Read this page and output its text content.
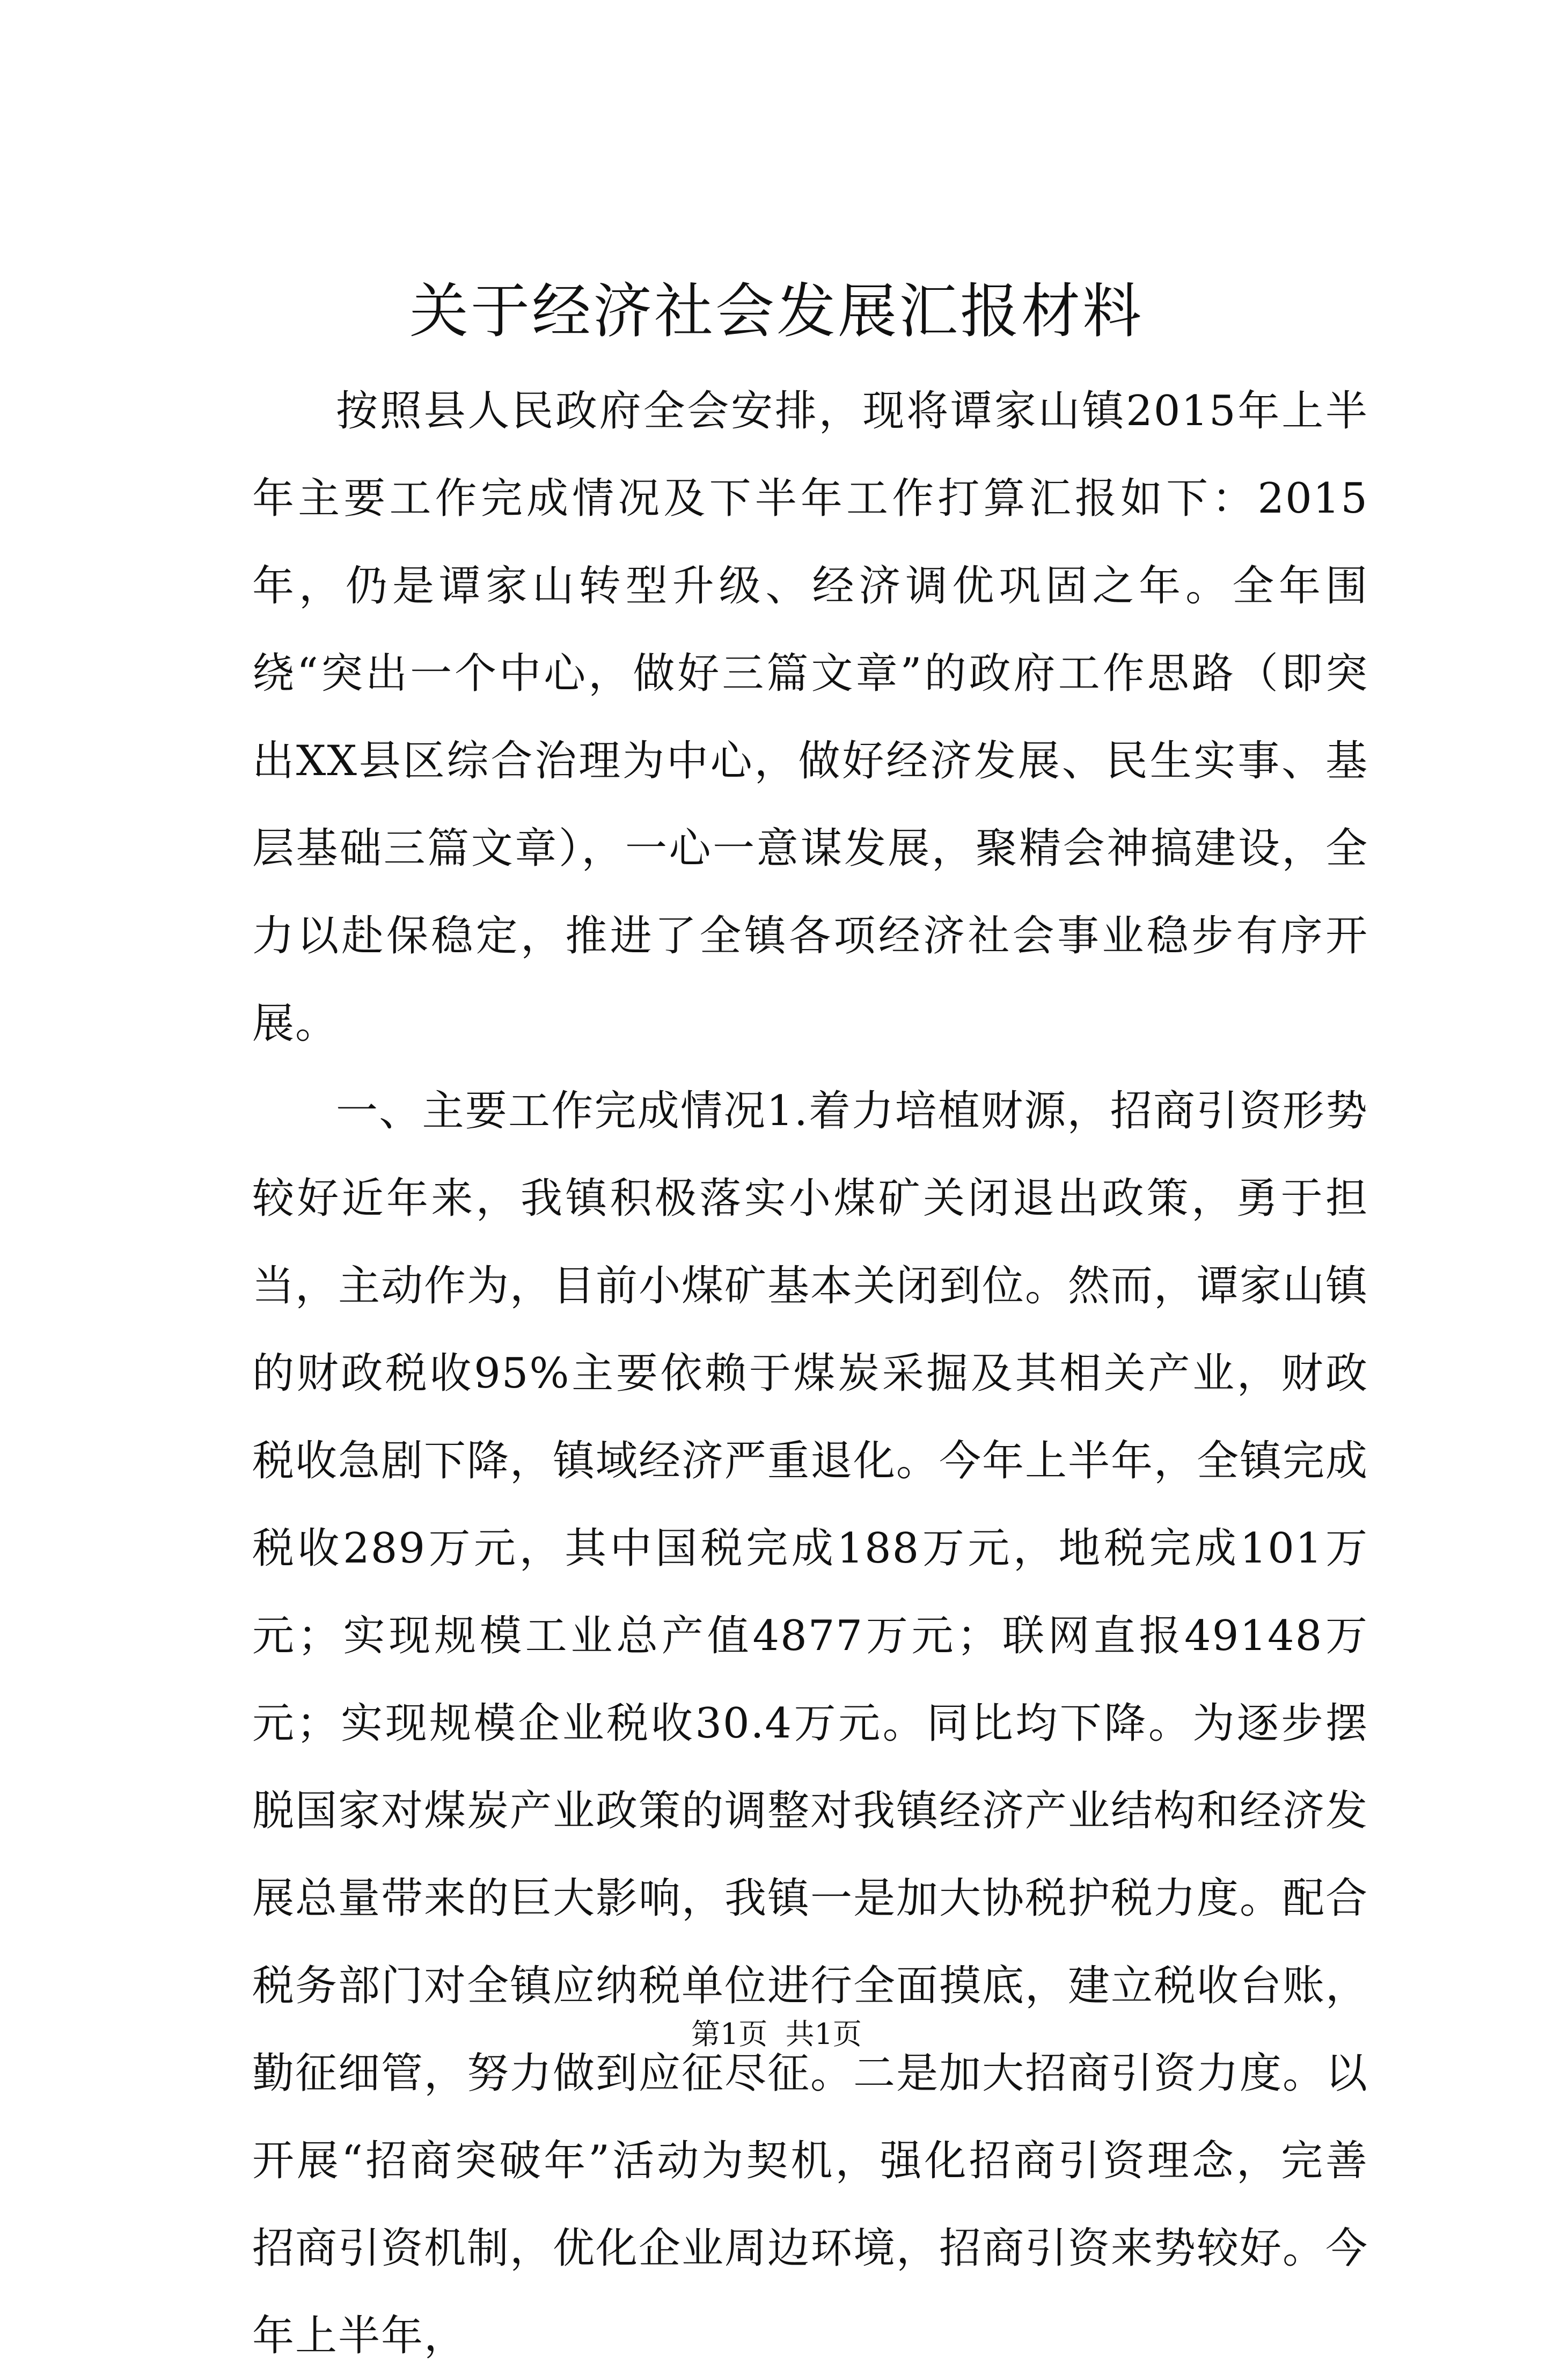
关于经济社会发展汇报材料

按照县人民政府全会安排，现将谭家山镇2015年上半年主要工作完成情况及下半年工作打算汇报如下：2015年，仍是谭家山转型升级、经济调优巩固之年。全年围绕“突出一个中心，做好三篇文章”的政府工作思路（即突出XX县区综合治理为中心，做好经济发展、民生实事、基层基础三篇文章），一心一意谋发展，聚精会神搞建设，全力以赴保稳定，推进了全镇各项经济社会事业稳步有序开展。

一、主要工作完成情况1.着力培植财源，招商引资形势较好近年来，我镇积极落实小煤矿关闭退出政策，勇于担当，主动作为，目前小煤矿基本关闭到位。然而，谭家山镇的财政税收95%主要依赖于煤炭采掘及其相关产业，财政税收急剧下降，镇域经济严重退化。今年上半年，全镇完成税收289万元，其中国税完成188万元，地税完成101万元；实现规模工业总产值4877万元；联网直报49148万元；实现规模企业税收30.4万元。同比均下降。为逐步摆脱国家对煤炭产业政策的调整对我镇经济产业结构和经济发展总量带来的巨大影响，我镇一是加大协税护税力度。配合税务部门对全镇应纳税单位进行全面摸底，建立税收台账，勤征细管，努力做到应征尽征。二是加大招商引资力度。以开展“招商突破年”活动为契机，强化招商引资理念，完善招商引资机制，优化企业周边环境，招商引资来势较好。今年上半年，

第1页 共1页
